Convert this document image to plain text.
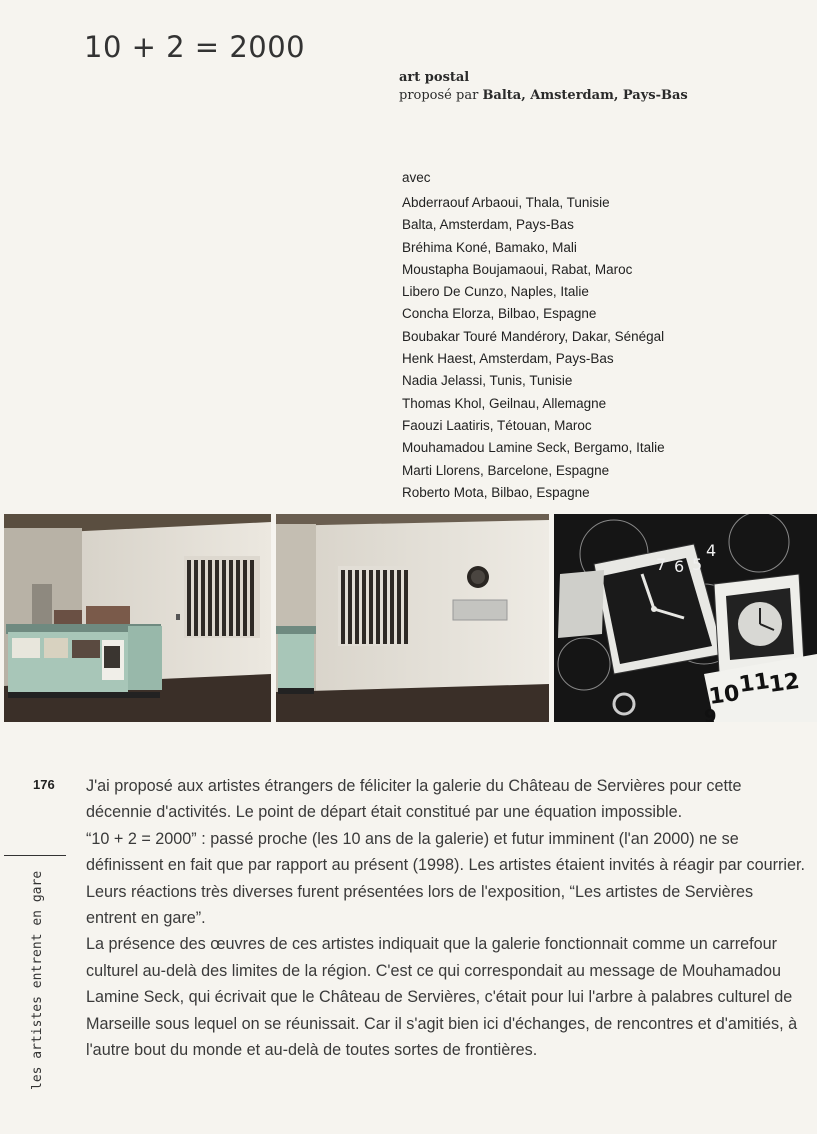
10 + 2 = 2000
art postal
proposé par Balta, Amsterdam, Pays-Bas
avec
Abderraouf Arbaoui, Thala, Tunisie
Balta, Amsterdam, Pays-Bas
Bréhima Koné, Bamako, Mali
Moustapha Boujamaoui, Rabat, Maroc
Libero De Cunzo, Naples, Italie
Concha Elorza, Bilbao, Espagne
Boubakar Touré Mandérory, Dakar, Sénégal
Henk Haest, Amsterdam, Pays-Bas
Nadia Jelassi, Tunis, Tunisie
Thomas Khol, Geilnau, Allemagne
Faouzi Laatiris, Tétouan, Maroc
Mouhamadou Lamine Seck, Bergamo, Italie
Marti Llorens, Barcelone, Espagne
Roberto Mota, Bilbao, Espagne
7 6 5
4
11
12
10
9
176
les artistes entrent en gare

J'ai proposé aux artistes étrangers de féliciter la galerie du Château de Servières pour cette décennie d'activités. Le point de départ était constitué par une équation impossible.

“10 + 2 = 2000” : passé proche (les 10 ans de la galerie) et futur imminent (l'an 2000) ne se définissent en fait que par rapport au présent (1998). Les artistes étaient invités à réagir par courrier. Leurs réactions très diverses furent présentées lors de l'exposition, “Les artistes de Servières entrent en gare”.

La présence des œuvres de ces artistes indiquait que la galerie fonctionnait comme un carrefour culturel au-delà des limites de la région. C'est ce qui correspondait au message de Mouhamadou Lamine Seck, qui écrivait que le Château de Servières, c'était pour lui l'arbre à palabres culturel de Marseille sous lequel on se réunissait. Car il s'agit bien ici d'échanges, de rencontres et d'amitiés, à l'autre bout du monde et au-delà de toutes sortes de frontières.
